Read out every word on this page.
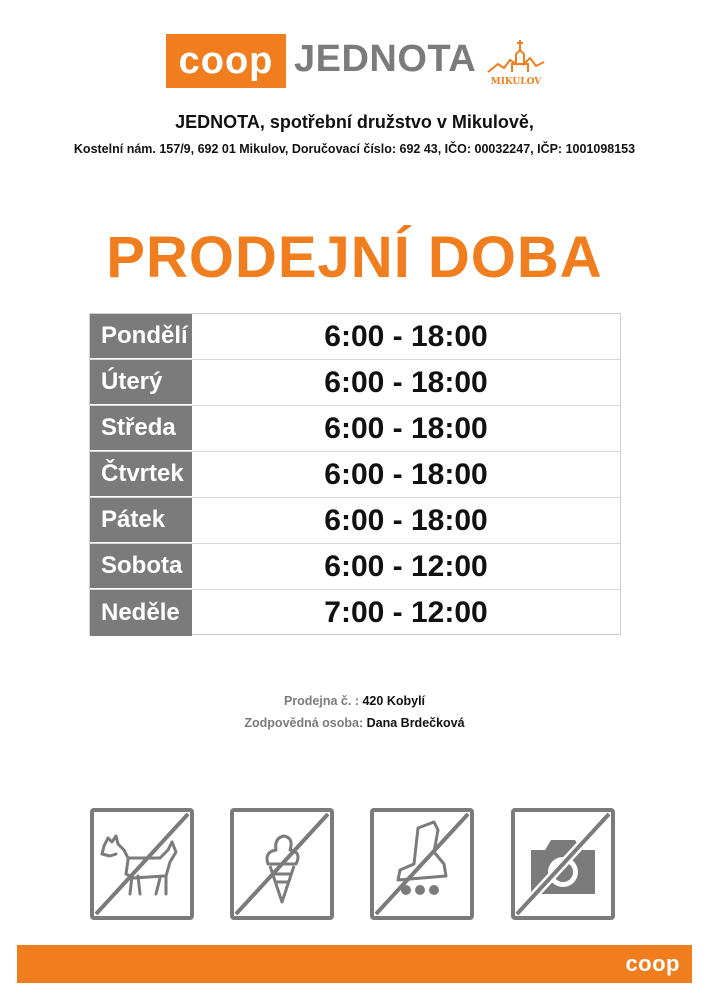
coop JEDNOTA
MIKULOV
JEDNOTA, spotřební družstvo v Mikulově,
Kostelní nám. 157/9, 692 01 Mikulov, Doručovací číslo: 692 43, IČO: 00032247, IČP: 1001098153
PRODEJNÍ DOBA
Pondělí	6:00 - 18:00
Úterý	6:00 - 18:00
Středa	6:00 - 18:00
Čtvrtek	6:00 - 18:00
Pátek	6:00 - 18:00
Sobota	6:00 - 12:00
Neděle	7:00 - 12:00
Prodejna č. : 420 Kobylí
Zodpovědná osoba: Dana Brdečková
coop
